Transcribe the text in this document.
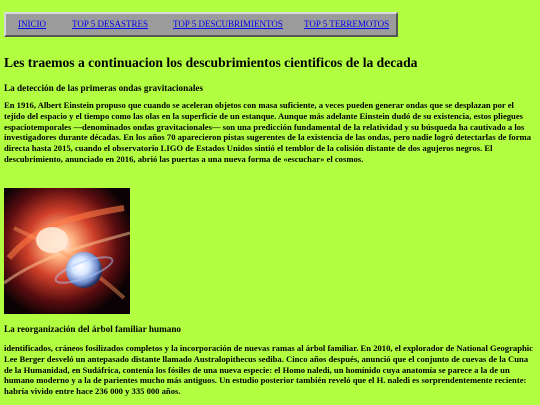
INICIO	TOP 5 DESASTRES	TOP 5 DESCUBRIMIENTOS TOP 5 TERREMOTOS
Les traemos a continuacion los descubrimientos cientificos de la decada
La detección de las primeras ondas gravitacionales

En 1916, Albert Einstein propuso que cuando se aceleran objetos con masa suficiente, a veces pueden generar ondas que se desplazan por el tejido del espacio y el tiempo como las olas en la superficie de un estanque. Aunque más adelante Einstein dudó de su existencia, estos pliegues espaciotemporales —denominados ondas gravitacionales— son una predicción fundamental de la relatividad y su búsqueda ha cautivado a los investigadores durante décadas. En los años 70 aparecieron pistas sugerentes de la existencia de las ondas, pero nadie logró detectarlas de forma directa hasta 2015, cuando el observatorio LIGO de Estados Unidos sintió el temblor de la colisión distante de dos agujeros negros. El descubrimiento, anunciado en 2016, abrió las puertas a una nueva forma de «escuchar» el cosmos.

La reorganización del árbol familiar humano

identificados, cráneos fosilizados completos y la incorporación de nuevas ramas al árbol familiar. En 2010, el explorador de National Geographic Lee Berger desveló un antepasado distante llamado Australopithecus sediba. Cinco años después, anunció que el conjunto de cuevas de la Cuna de la Humanidad, en Sudáfrica, contenía los fósiles de una nueva especie: el Homo naledi, un homínido cuya anatomía se parece a la de un humano moderno y a la de parientes mucho más antiguos. Un estudio posterior también reveló que el H. naledi es sorprendentemente reciente: habría vivido entre hace 236 000 y 335 000 años.
